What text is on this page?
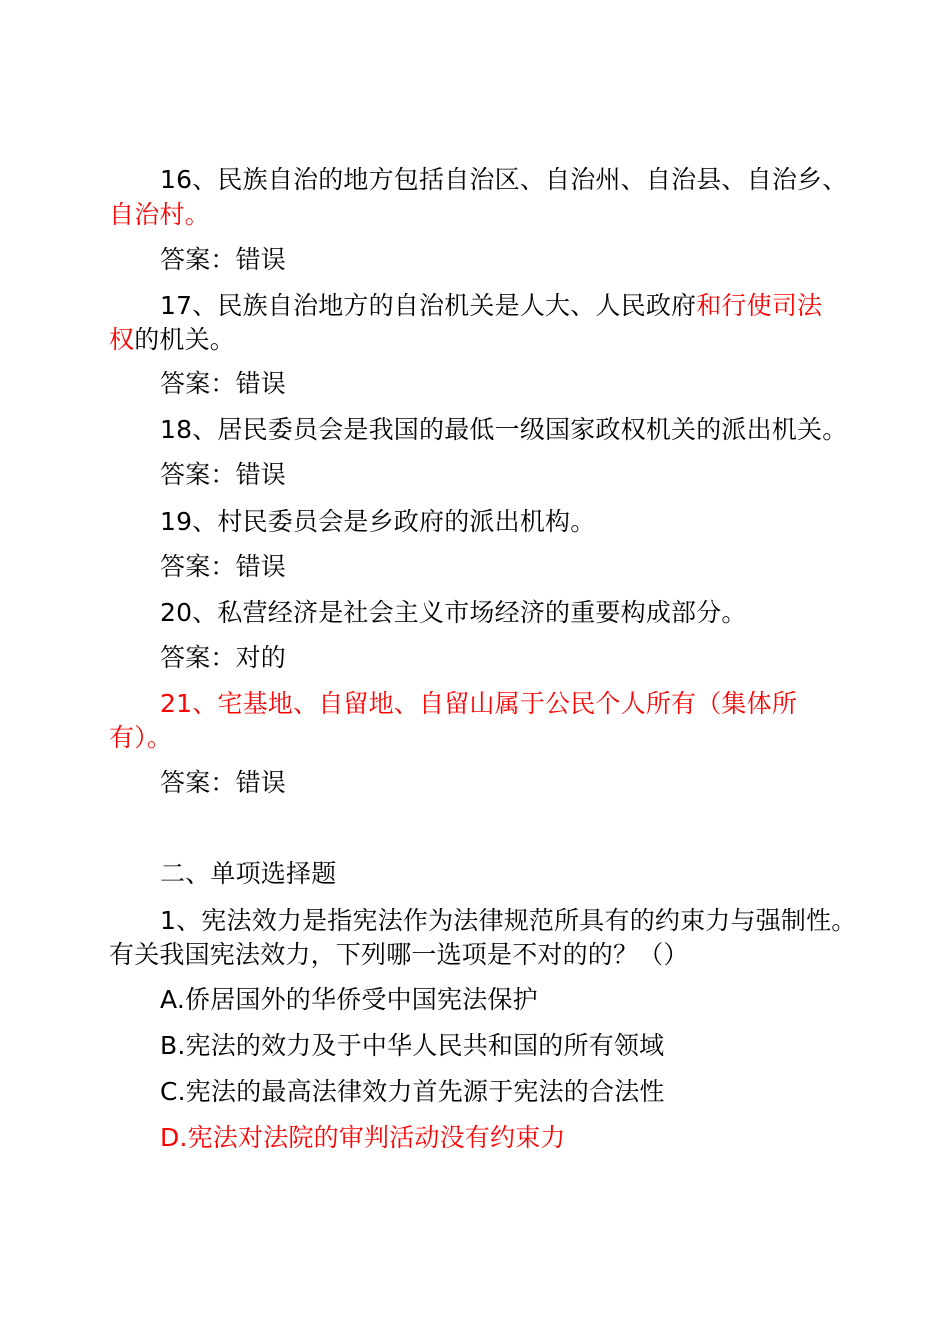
16、民族自治的地方包括自治区、自治州、自治县、自治乡、
自治村。
答案：错误
17、民族自治地方的自治机关是人大、人民政府和行使司法
权的机关。
答案：错误
18、居民委员会是我国的最低一级国家政权机关的派出机关。
答案：错误
19、村民委员会是乡政府的派出机构。
答案：错误
20、私营经济是社会主义市场经济的重要构成部分。
答案：对的
21、宅基地、自留地、自留山属于公民个人所有（集体所
有）。
答案：错误
二、单项选择题
1、宪法效力是指宪法作为法律规范所具有的约束力与强制性。
有关我国宪法效力，下列哪一选项是不对的的？（）
A.侨居国外的华侨受中国宪法保护
B.宪法的效力及于中华人民共和国的所有领域
C.宪法的最高法律效力首先源于宪法的合法性
D.宪法对法院的审判活动没有约束力
